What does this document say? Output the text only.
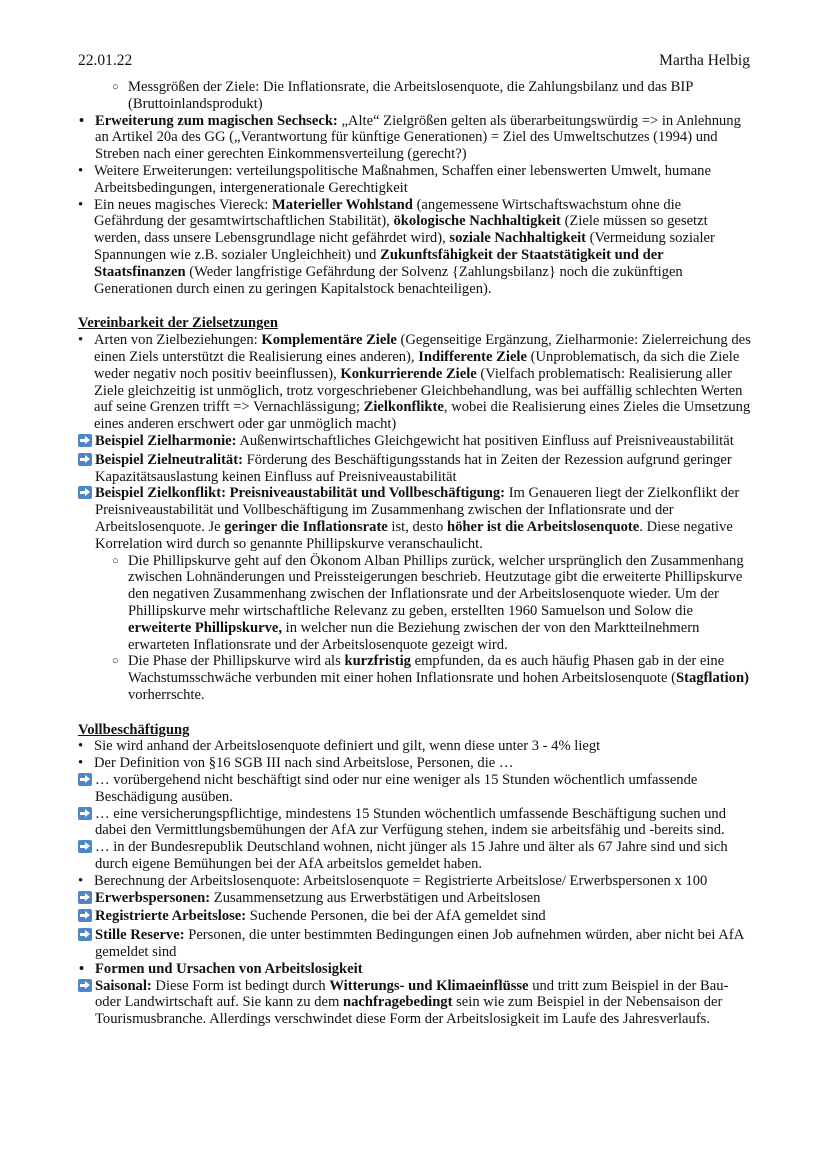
22.01.22	Martha Helbig
○ Messgrößen der Ziele: Die Inflationsrate, die Arbeitslosenquote, die Zahlungsbilanz und das BIP (Bruttoinlandsprodukt)
• Erweiterung zum magischen Sechseck: „Alte“ Zielgrößen gelten als überarbeitungswürdig => in Anlehnung an Artikel 20a des GG („Verantwortung für künftige Generationen) = Ziel des Umweltschutzes (1994) und Streben nach einer gerechten Einkommensverteilung (gerecht?)
• Weitere Erweiterungen: verteilungspolitische Maßnahmen, Schaffen einer lebenswerten Umwelt, humane Arbeitsbedingungen, intergenerationale Gerechtigkeit
• Ein neues magisches Viereck: Materieller Wohlstand (angemessene Wirtschaftswachstum ohne die Gefährdung der gesamtwirtschaftlichen Stabilität), ökologische Nachhaltigkeit (Ziele müssen so gesetzt werden, dass unsere Lebensgrundlage nicht gefährdet wird), soziale Nachhaltigkeit (Vermeidung sozialer Spannungen wie z.B. sozialer Ungleichheit) und Zukunftsfähigkeit der Staatstätigkeit und der Staatsfinanzen (Weder langfristige Gefährdung der Solvenz {Zahlungsbilanz} noch die zukünftigen Generationen durch einen zu geringen Kapitalstock benachteiligen).
Vereinbarkeit der Zielsetzungen
• Arten von Zielbeziehungen: Komplementäre Ziele (Gegenseitige Ergänzung, Zielharmonie: Zielerreichung des einen Ziels unterstützt die Realisierung eines anderen), Indifferente Ziele (Unproblematisch, da sich die Ziele weder negativ noch positiv beeinflussen), Konkurrierende Ziele (Vielfach problematisch: Realisierung aller Ziele gleichzeitig ist unmöglich, trotz vorgeschriebener Gleichbehandlung, was bei auffällig schlechten Werten auf seine Grenzen trifft => Vernachlässigung; Zielkonflikte, wobei die Realisierung eines Zieles die Umsetzung eines anderen erschwert oder gar unmöglich macht)
Beispiel Zielharmonie: Außenwirtschaftliches Gleichgewicht hat positiven Einfluss auf Preisniveaustabilität
Beispiel Zielneutralität: Förderung des Beschäftigungsstands hat in Zeiten der Rezession aufgrund geringer Kapazitätsauslastung keinen Einfluss auf Preisniveaustabilität
Beispiel Zielkonflikt: Preisniveaustabilität und Vollbeschäftigung: Im Genaueren liegt der Zielkonflikt der Preisniveaustabilität und Vollbeschäftigung im Zusammenhang zwischen der Inflationsrate und der Arbeitslosenquote. Je geringer die Inflationsrate ist, desto höher ist die Arbeitslosenquote. Diese negative Korrelation wird durch so genannte Phillipskurve veranschaulicht.
○ Die Phillipskurve geht auf den Ökonom Alban Phillips zurück, welcher ursprünglich den Zusammenhang zwischen Lohnänderungen und Preissteigerungen beschrieb. Heutzutage gibt die erweiterte Phillipskurve den negativen Zusammenhang zwischen der Inflationsrate und der Arbeitslosenquote wieder. Um der Phillipskurve mehr wirtschaftliche Relevanz zu geben, erstellten 1960 Samuelson und Solow die erweiterte Phillipskurve, in welcher nun die Beziehung zwischen der von den Marktteilnehmern erwarteten Inflationsrate und der Arbeitslosenquote gezeigt wird.
○ Die Phase der Phillipskurve wird als kurzfristig empfunden, da es auch häufig Phasen gab in der eine Wachstumsschwäche verbunden mit einer hohen Inflationsrate und hohen Arbeitslosenquote (Stagflation) vorherrschte.
Vollbeschäftigung
• Sie wird anhand der Arbeitslosenquote definiert und gilt, wenn diese unter 3 - 4% liegt
• Der Definition von §16 SGB III nach sind Arbeitslose, Personen, die …
… vorübergehend nicht beschäftigt sind oder nur eine weniger als 15 Stunden wöchentlich umfassende Beschädigung ausüben.
… eine versicherungspflichtige, mindestens 15 Stunden wöchentlich umfassende Beschäftigung suchen und dabei den Vermittlungsbemühungen der AfA zur Verfügung stehen, indem sie arbeitsfähig und -bereits sind.
… in der Bundesrepublik Deutschland wohnen, nicht jünger als 15 Jahre und älter als 67 Jahre sind und sich durch eigene Bemühungen bei der AfA arbeitslos gemeldet haben.
• Berechnung der Arbeitslosenquote: Arbeitslosenquote = Registrierte Arbeitslose/ Erwerbspersonen x 100
Erwerbspersonen: Zusammensetzung aus Erwerbstätigen und Arbeitslosen
Registrierte Arbeitslose: Suchende Personen, die bei der AfA gemeldet sind
Stille Reserve: Personen, die unter bestimmten Bedingungen einen Job aufnehmen würden, aber nicht bei AfA gemeldet sind
• Formen und Ursachen von Arbeitslosigkeit
Saisonal: Diese Form ist bedingt durch Witterungs- und Klimaeinflüsse und tritt zum Beispiel in der Bau- oder Landwirtschaft auf. Sie kann zu dem nachfragebedingt sein wie zum Beispiel in der Nebensaison der Tourismusbranche. Allerdings verschwindet diese Form der Arbeitslosigkeit im Laufe des Jahresverlaufs.
